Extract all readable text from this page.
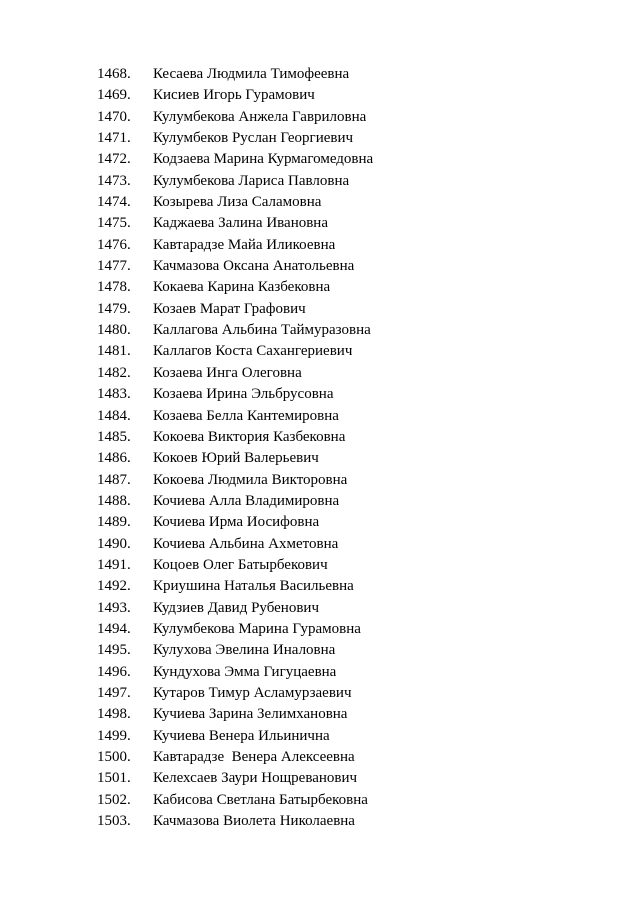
1468.	Кесаева Людмила Тимофеевна
1469.	Кисиев Игорь Гурамович
1470.	Кулумбекова Анжела Гавриловна
1471.	Кулумбеков Руслан Георгиевич
1472.	Кодзаева Марина Курмагомедовна
1473.	Кулумбекова Лариса Павловна
1474.	Козырева Лиза Саламовна
1475.	Каджаева Залина Ивановна
1476.	Кавтарадзе Майа Иликоевна
1477.	Качмазова Оксана Анатольевна
1478.	Кокаева Карина Казбековна
1479.	Козаев Марат Графович
1480.	Каллагова Альбина Таймуразовна
1481.	Каллагов Коста Сахангериевич
1482.	Козаева Инга Олеговна
1483.	Козаева Ирина Эльбрусовна
1484.	Козаева Белла Кантемировна
1485.	Кокоева Виктория Казбековна
1486.	Кокоев Юрий Валерьевич
1487.	Кокоева Людмила Викторовна
1488.	Кочиева Алла Владимировна
1489.	Кочиева Ирма Иосифовна
1490.	Кочиева Альбина Ахметовна
1491.	Коцоев Олег Батырбекович
1492.	Криушина Наталья Васильевна
1493.	Кудзиев Давид Рубенович
1494.	Кулумбекова Марина Гурамовна
1495.	Кулухова Эвелина Иналовна
1496.	Кундухова Эмма Гигуцаевна
1497.	Кутаров Тимур Асламурзаевич
1498.	Кучиева Зарина Зелимхановна
1499.	Кучиева Венера Ильинична
1500.	Кавтарадзе  Венера Алексеевна
1501.	Келехсаев Заури Нощреванович
1502.	Кабисова Светлана Батырбековна
1503.	Качмазова Виолета Николаевна
